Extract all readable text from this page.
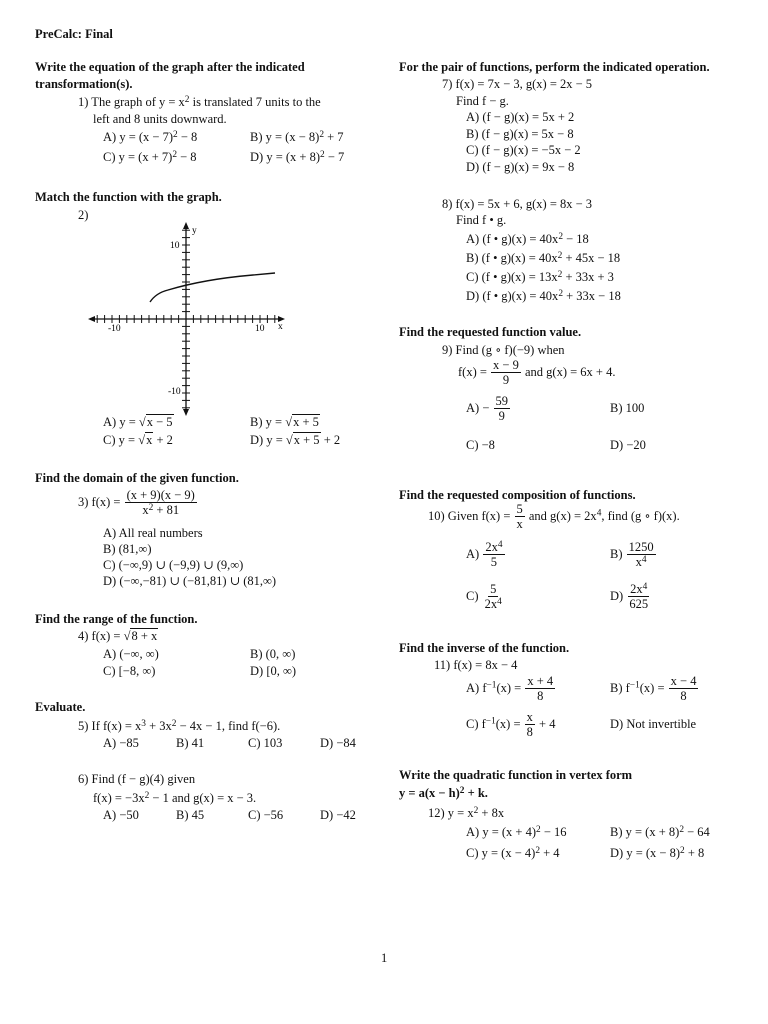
PreCalc: Final
Write the equation of the graph after the indicated
transformation(s).
1) The graph of $y = x^2$ is translated 7 units to the
left and 8 units downward.
A) $y = (x - 7)^2 - 8$	B) $y = (x - 8)^2 + 7$
C) $y = (x + 7)^2 - 8$	D) $y = (x + 8)^2 - 7$
Match the function with the graph.
2)
y
x
10
-10
-10	10
A) y = √x − 5	B) y = √x + 5
C) y = √x + 2	D) y = √x + 5 + 2
Find the domain of the given function.
3) $f(x) = \frac{(x + 9)(x - 9)}{x^2 + 81}$
A) All real numbers
B) (81,∞)
C) (−∞,9) ∪ (−9,9) ∪ (9,∞)
D) (−∞,−81) ∪ (−81,81) ∪ (81,∞)
Find the range of the function.
4) f(x) = √8 + x
A) (−∞, ∞)	B) (0, ∞)
C) [−8, ∞)	D) [0, ∞)
Evaluate.
5) If $f(x) = x^3 + 3x^2 - 4x - 1$, find f(−6).
A) −85	B) 41	C) 103	D) −84
6) Find (f − g)(4) given
$f(x) = -3x^2 - 1$ and g(x) = x − 3.
A) −50	B) 45	C) −56	D) −42
For the pair of functions, perform the indicated operation.
7) f(x) = 7x − 3, g(x) = 2x − 5
Find f − g.
A) (f − g)(x) = 5x + 2
B) (f − g)(x) = 5x − 8
C) (f − g)(x) = −5x − 2
D) (f − g)(x) = 9x − 8
8) f(x) = 5x + 6, g(x) = 8x − 3
Find f • g.
A) (f • $g)(x) = 40x^2 - 18$
B) (f • $g)(x) = 40x^2 + 45x - 18$
C) (f • $g)(x) = 13x^2 + 33x + 3$
D) (f • $g)(x) = 40x^2 + 33x - 18$
Find the requested function value.
9) Find (g ∘ f)(−9) when
$f(x) = \frac{x - 9}{9}$ and g(x) = 6x + 4.
$A) - \frac{59}{9}$	B) 100
C) −8	D) −20
Find the requested composition of functions.
10) Given $f(x) = \frac{5}{x}$ and $g(x) = 2x^4$, find (g ∘ f)(x).
$A) \frac{2x^4}{5}$	$B) \frac{1250}{x^4}$
$C) \frac{5}{2x^4}$	$D) \frac{2x^4}{625}$
Find the inverse of the function.
11) f(x) = 8x − 4
A) $f^{-1}(x) = \frac{x + 4}{8}$	B) $f^{-1}(x) = \frac{x - 4}{8}$
C) $f^{-1}(x) = \frac{x}{8} + 4$	D) Not invertible
Write the quadratic function in vertex form
$y = a(x - h)^2 + k$.
12) $y = x^2 + 8x$
A) $y = (x + 4)^2 - 16$	B) $y = (x + 8)^2 - 64$
C) $y = (x - 4)^2 + 4$	D) $y = (x - 8)^2 + 8$
1
